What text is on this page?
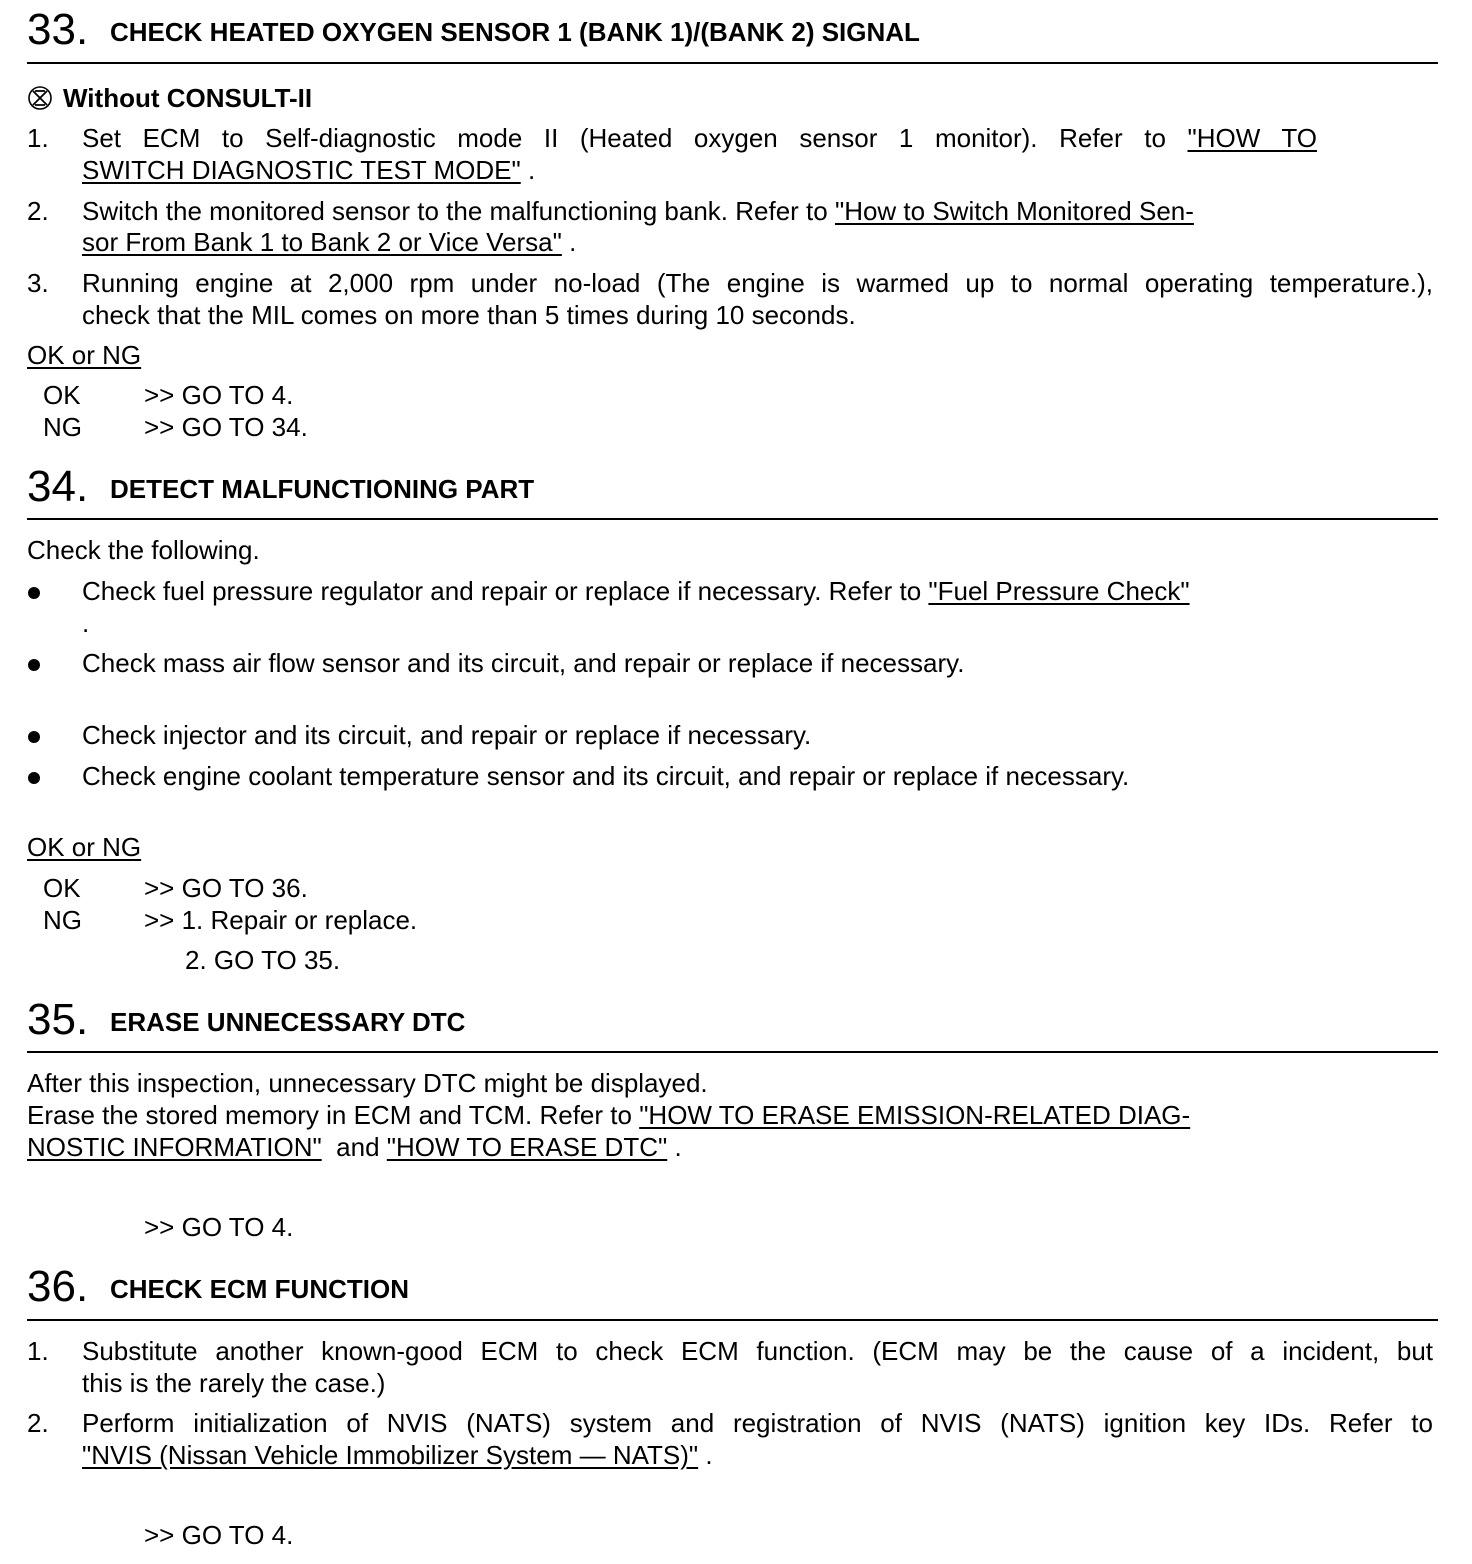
33. CHECK HEATED OXYGEN SENSOR 1 (BANK 1)/(BANK 2) SIGNAL
Without CONSULT-II
1. Set ECM to Self-diagnostic mode II (Heated oxygen sensor 1 monitor). Refer to "HOW TO
SWITCH DIAGNOSTIC TEST MODE" .
2. Switch the monitored sensor to the malfunctioning bank. Refer to "How to Switch Monitored Sen-
sor From Bank 1 to Bank 2 or Vice Versa" .
3. Running engine at 2,000 rpm under no-load (The engine is warmed up to normal operating temperature.),
check that the MIL comes on more than 5 times during 10 seconds.
OK or NG
OK >> GO TO 4.
NG >> GO TO 34.
34. DETECT MALFUNCTIONING PART
Check the following.
Check fuel pressure regulator and repair or replace if necessary. Refer to "Fuel Pressure Check"
.
Check mass air flow sensor and its circuit, and repair or replace if necessary.
Check injector and its circuit, and repair or replace if necessary.
Check engine coolant temperature sensor and its circuit, and repair or replace if necessary.
OK or NG
OK >> GO TO 36.
NG >> 1. Repair or replace.
2. GO TO 35.
35. ERASE UNNECESSARY DTC
After this inspection, unnecessary DTC might be displayed.
Erase the stored memory in ECM and TCM. Refer to "HOW TO ERASE EMISSION-RELATED DIAG-
NOSTIC INFORMATION"  and "HOW TO ERASE DTC" .
>> GO TO 4.
36. CHECK ECM FUNCTION
1. Substitute another known-good ECM to check ECM function. (ECM may be the cause of a incident, but
this is the rarely the case.)
2. Perform initialization of NVIS (NATS) system and registration of NVIS (NATS) ignition key IDs. Refer to
"NVIS (Nissan Vehicle Immobilizer System — NATS)" .
>> GO TO 4.
